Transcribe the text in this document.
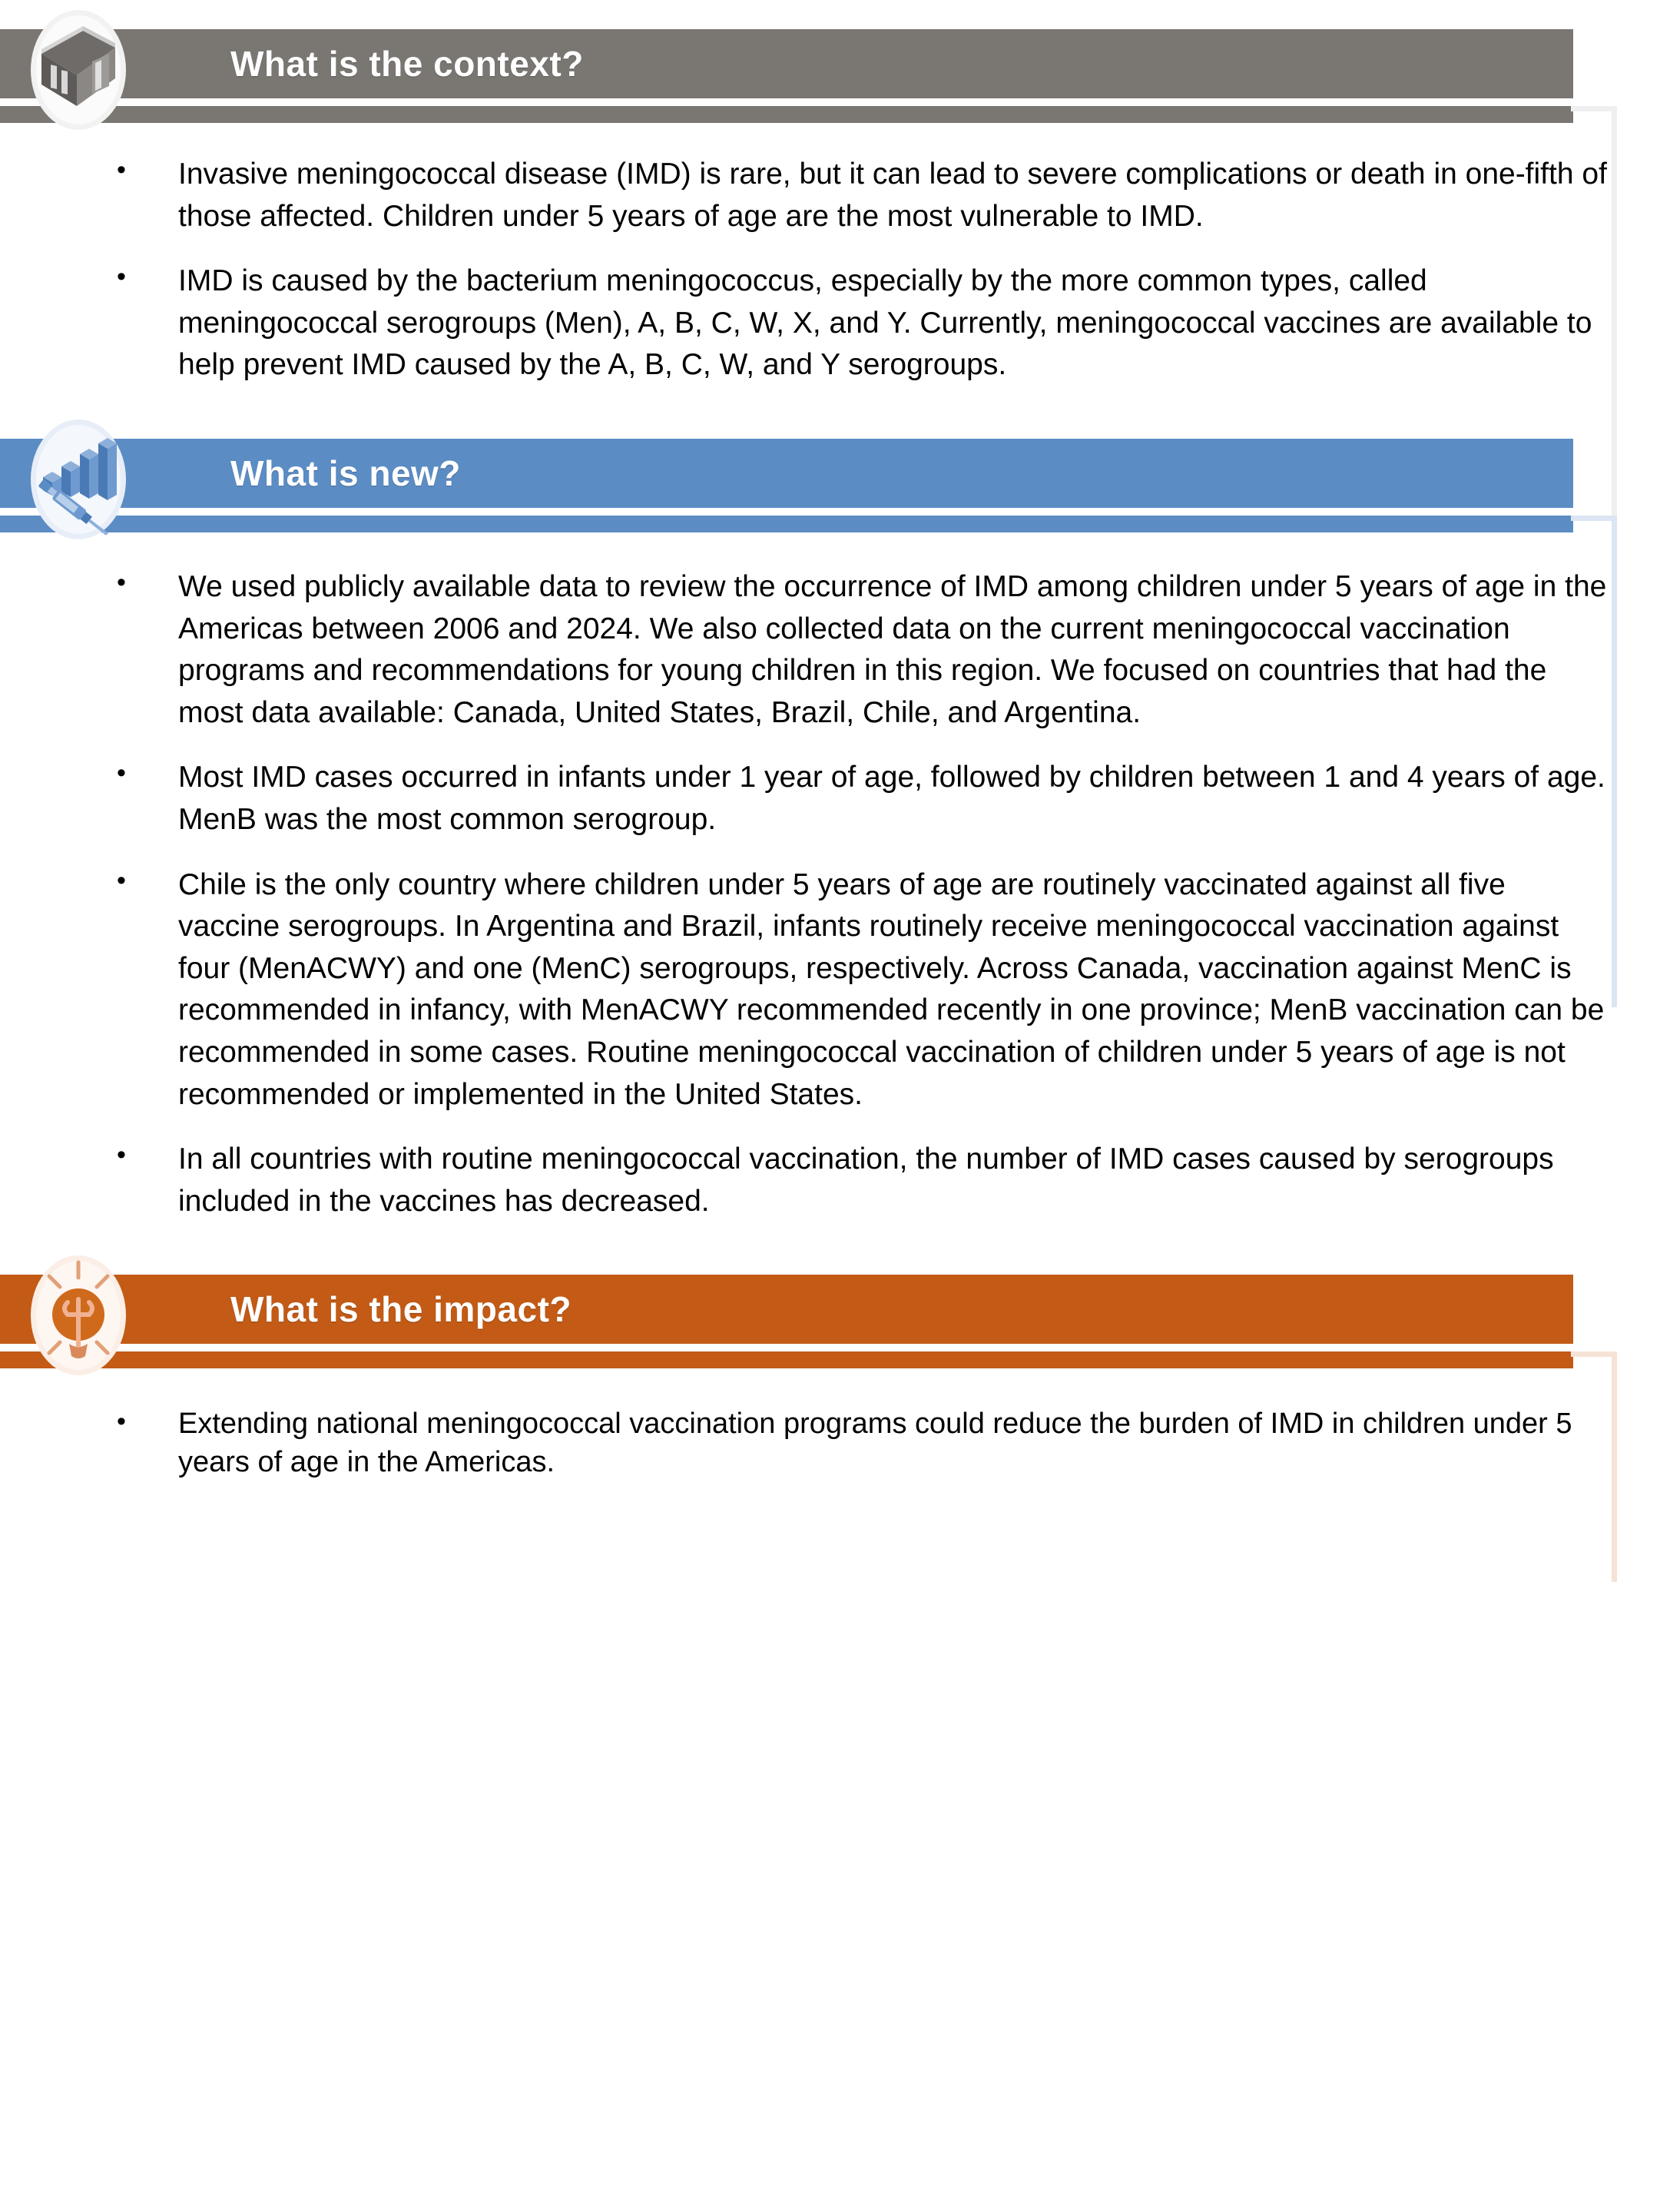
What is the context?
• Invasive meningococcal disease (IMD) is rare, but it can lead to severe complications or death in one-fifth of those affected. Children under 5 years of age are the most vulnerable to IMD.
• IMD is caused by the bacterium meningococcus, especially by the more common types, called meningococcal serogroups (Men), A, B, C, W, X, and Y. Currently, meningococcal vaccines are available to help prevent IMD caused by the A, B, C, W, and Y serogroups.
What is new?
• We used publicly available data to review the occurrence of IMD among children under 5 years of age in the Americas between 2006 and 2024. We also collected data on the current meningococcal vaccination programs and recommendations for young children in this region. We focused on countries that had the most data available: Canada, United States, Brazil, Chile, and Argentina.
• Most IMD cases occurred in infants under 1 year of age, followed by children between 1 and 4 years of age. MenB was the most common serogroup.
• Chile is the only country where children under 5 years of age are routinely vaccinated against all five vaccine serogroups. In Argentina and Brazil, infants routinely receive meningococcal vaccination against four (MenACWY) and one (MenC) serogroups, respectively. Across Canada, vaccination against MenC is recommended in infancy, with MenACWY recommended recently in one province; MenB vaccination can be recommended in some cases. Routine meningococcal vaccination of children under 5 years of age is not recommended or implemented in the United States.
• In all countries with routine meningococcal vaccination, the number of IMD cases caused by serogroups included in the vaccines has decreased.
What is the impact?
• Extending national meningococcal vaccination programs could reduce the burden of IMD in children under 5 years of age in the Americas.
